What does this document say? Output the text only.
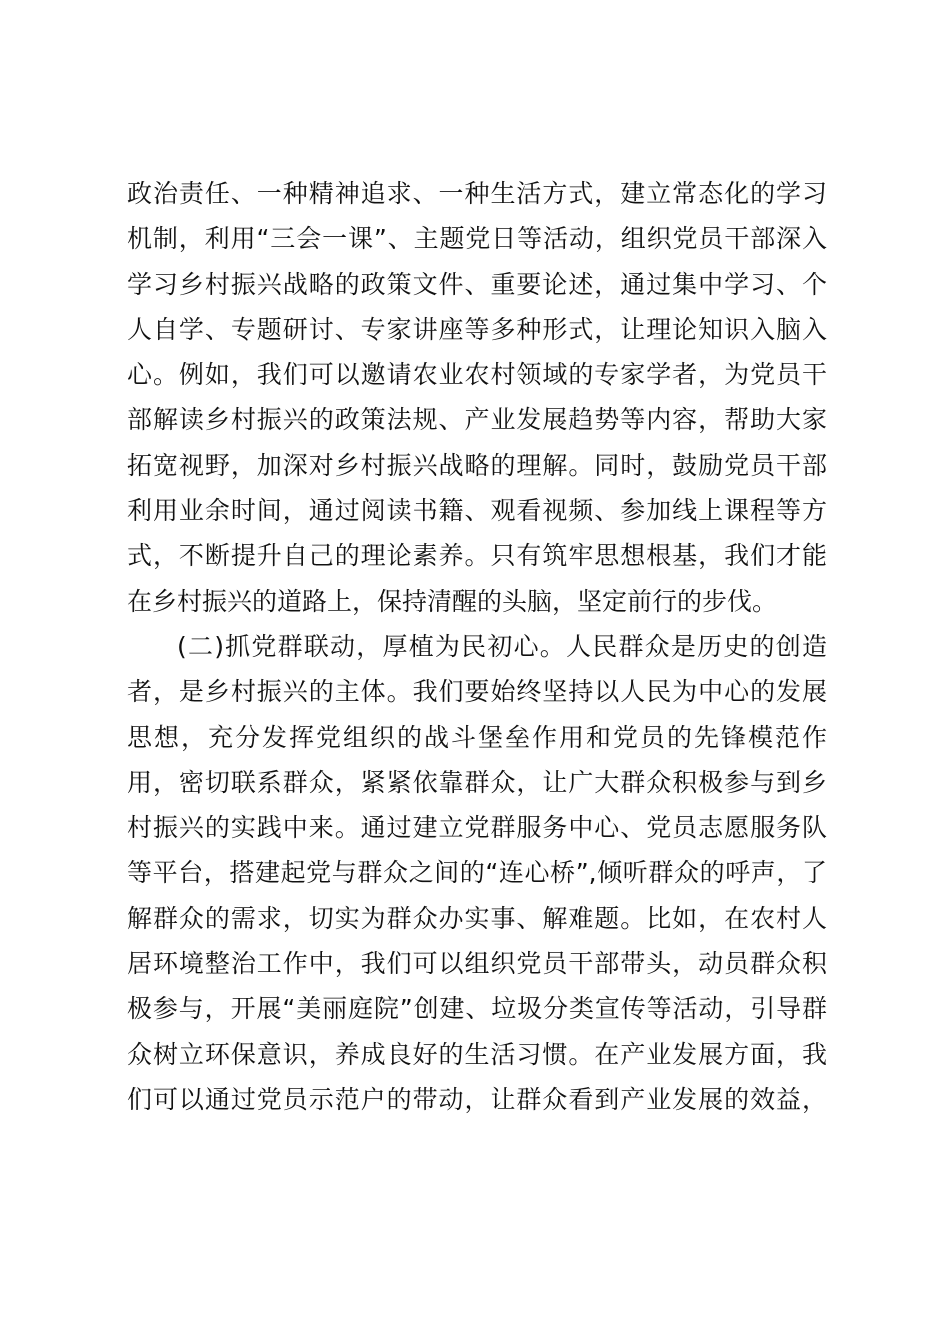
政治责任、一种精神追求、一种生活方式，建立常态化的学习
机制，利用“三会一课”、主题党日等活动，组织党员干部深入
学习乡村振兴战略的政策文件、重要论述，通过集中学习、个
人自学、专题研讨、专家讲座等多种形式，让理论知识入脑入
心。例如，我们可以邀请农业农村领域的专家学者，为党员干
部解读乡村振兴的政策法规、产业发展趋势等内容，帮助大家
拓宽视野，加深对乡村振兴战略的理解。同时，鼓励党员干部
利用业余时间，通过阅读书籍、观看视频、参加线上课程等方
式，不断提升自己的理论素养。只有筑牢思想根基，我们才能
在乡村振兴的道路上，保持清醒的头脑，坚定前行的步伐。
(二)抓党群联动，厚植为民初心。人民群众是历史的创造
者，是乡村振兴的主体。我们要始终坚持以人民为中心的发展
思想，充分发挥党组织的战斗堡垒作用和党员的先锋模范作
用，密切联系群众，紧紧依靠群众，让广大群众积极参与到乡
村振兴的实践中来。通过建立党群服务中心、党员志愿服务队
等平台，搭建起党与群众之间的“连心桥”,倾听群众的呼声，了
解群众的需求，切实为群众办实事、解难题。比如，在农村人
居环境整治工作中，我们可以组织党员干部带头，动员群众积
极参与，开展“美丽庭院”创建、垃圾分类宣传等活动，引导群
众树立环保意识，养成良好的生活习惯。在产业发展方面，我
们可以通过党员示范户的带动，让群众看到产业发展的效益，
